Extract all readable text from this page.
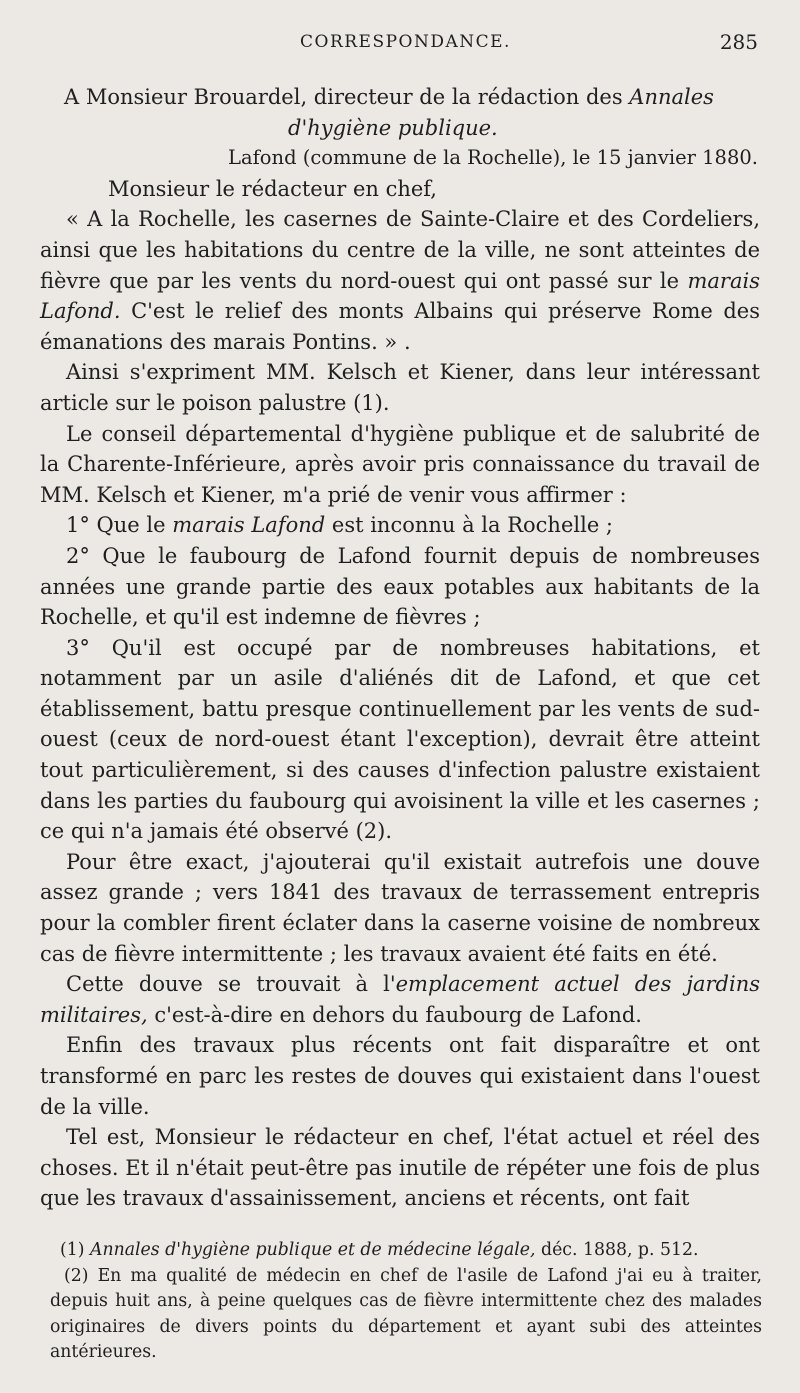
CORRESPONDANCE.	285

A Monsieur Brouardel, directeur de la rédaction des Annales

d'hygiène publique.

Lafond (commune de la Rochelle), le 15 janvier 1880.

Monsieur le rédacteur en chef,

« A la Rochelle, les casernes de Sainte-Claire et des Cordeliers, ainsi que les habitations du centre de la ville, ne sont atteintes de fièvre que par les vents du nord-ouest qui ont passé sur le marais Lafond. C'est le relief des monts Albains qui préserve Rome des émanations des marais Pontins. » .

Ainsi s'expriment MM. Kelsch et Kiener, dans leur intéressant article sur le poison palustre (1).

Le conseil départemental d'hygiène publique et de salubrité de la Charente-Inférieure, après avoir pris connaissance du travail de MM. Kelsch et Kiener, m'a prié de venir vous affirmer :

1° Que le marais Lafond est inconnu à la Rochelle ;

2° Que le faubourg de Lafond fournit depuis de nombreuses années une grande partie des eaux potables aux habitants de la Rochelle, et qu'il est indemne de fièvres ;

3° Qu'il est occupé par de nombreuses habitations, et notamment par un asile d'aliénés dit de Lafond, et que cet établissement, battu presque continuellement par les vents de sud-ouest (ceux de nord-ouest étant l'exception), devrait être atteint tout particulièrement, si des causes d'infection palustre existaient dans les parties du faubourg qui avoisinent la ville et les casernes ; ce qui n'a jamais été observé (2).

Pour être exact, j'ajouterai qu'il existait autrefois une douve assez grande ; vers 1841 des travaux de terrassement entrepris pour la combler firent éclater dans la caserne voisine de nombreux cas de fièvre intermittente ; les travaux avaient été faits en été.

Cette douve se trouvait à l'emplacement actuel des jardins militaires, c'est-à-dire en dehors du faubourg de Lafond.

Enfin des travaux plus récents ont fait disparaître et ont transformé en parc les restes de douves qui existaient dans l'ouest de la ville.

Tel est, Monsieur le rédacteur en chef, l'état actuel et réel des choses. Et il n'était peut-être pas inutile de répéter une fois de plus que les travaux d'assainissement, anciens et récents, ont fait

(1) Annales d'hygiène publique et de médecine légale, déc. 1888, p. 512.

(2) En ma qualité de médecin en chef de l'asile de Lafond j'ai eu à traiter, depuis huit ans, à peine quelques cas de fièvre intermittente chez des malades originaires de divers points du département et ayant subi des atteintes antérieures.
